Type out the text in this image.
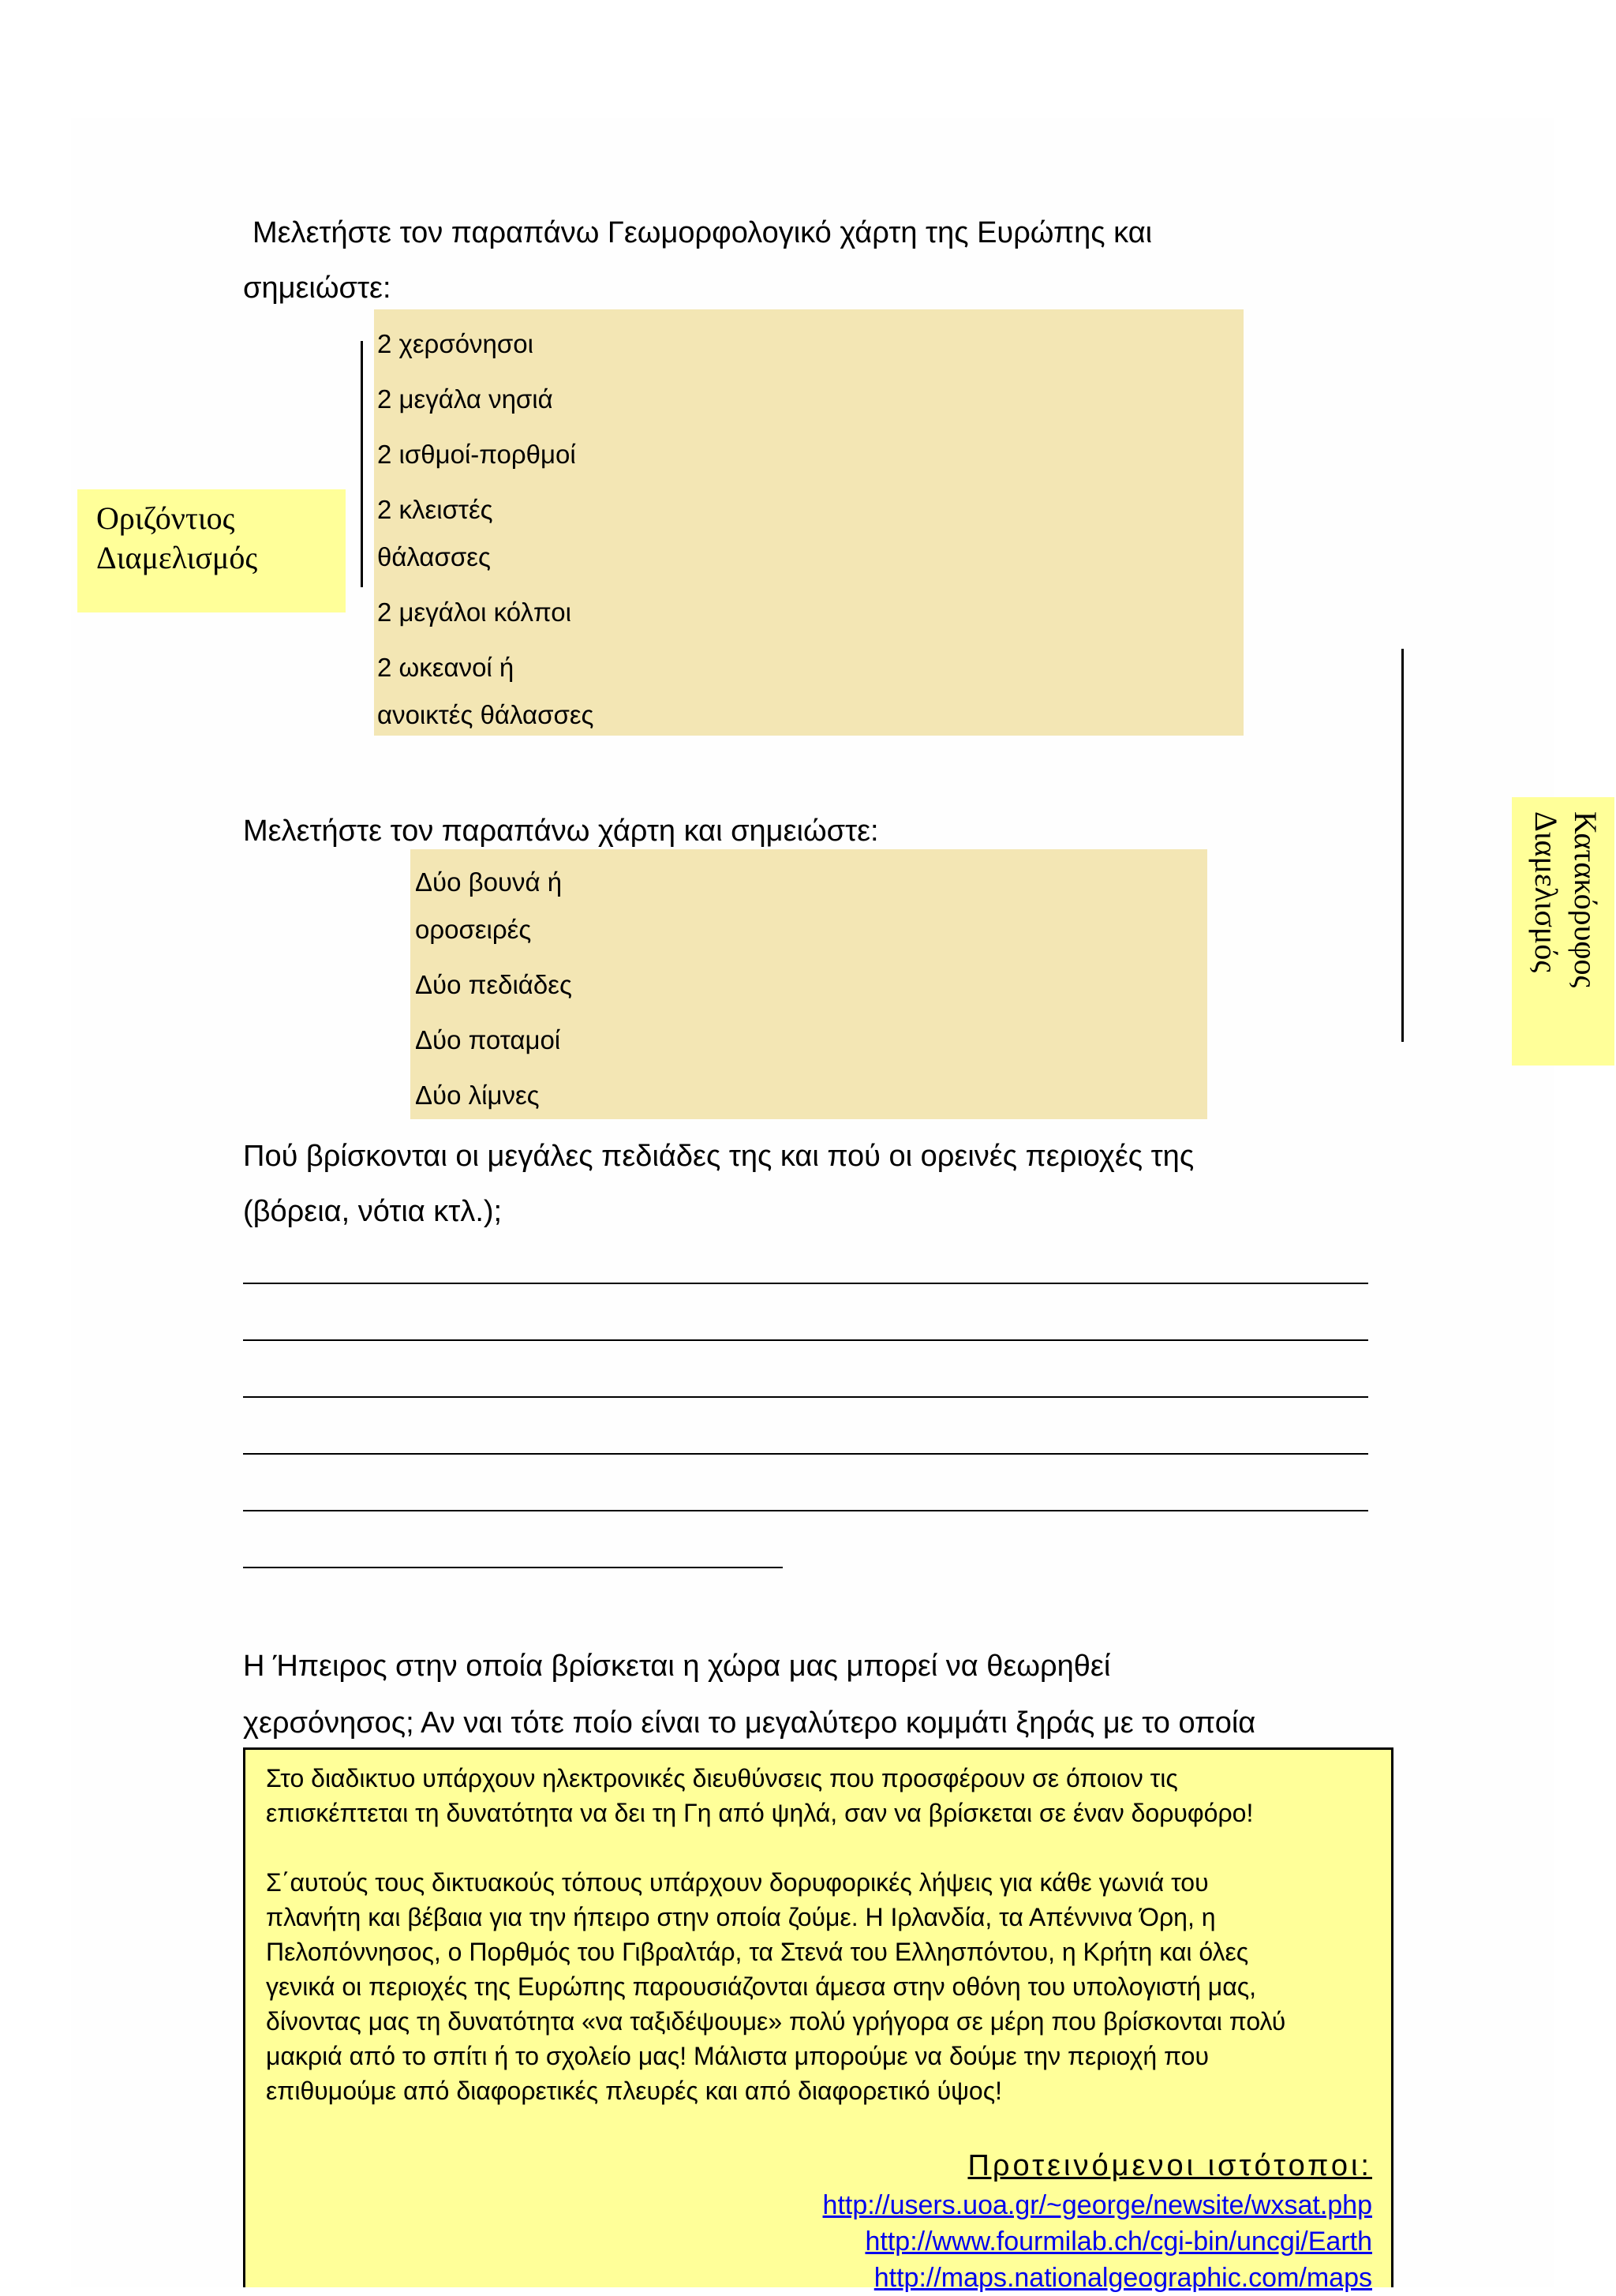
Μελετήστε τον παραπάνω Γεωμορφολογικό χάρτη της Ευρώπης και
σημειώστε:
2 χερσόνησοι
2 μεγάλα νησιά
2 ισθμοί-πορθμοί
2 κλειστές
θάλασσες
2 μεγάλοι κόλποι
2 ωκεανοί ή
ανοικτές θάλασσες
Οριζόντιος
Διαμελισμός
Μελετήστε τον παραπάνω χάρτη και σημειώστε:
Δύο βουνά ή
οροσειρές
Δύο πεδιάδες
Δύο ποταμοί
Δύο λίμνες
Κατακόρυφος
Διαμελισμός
Πού βρίσκονται οι μεγάλες πεδιάδες της και πού οι ορεινές περιοχές της
(βόρεια, νότια κτλ.);
Η Ήπειρος στην οποία βρίσκεται η χώρα μας μπορεί να θεωρηθεί
χερσόνησος; Αν ναι τότε ποίο είναι το μεγαλύτερο κομμάτι ξηράς με το οποία

Στο διαδικτυο υπάρχουν ηλεκτρονικές διευθύνσεις που προσφέρουν σε όποιον τις

επισκέπτεται τη δυνατότητα να δει τη Γη από ψηλά, σαν να βρίσκεται σε έναν δορυφόρο!

Σ΄αυτούς τους δικτυακούς τόπους υπάρχουν δορυφορικές λήψεις για κάθε γωνιά του

πλανήτη και βέβαια για την ήπειρο στην οποία ζούμε. Η Ιρλανδία, τα Απέννινα Όρη, η

Πελοπόννησος, ο Πορθμός του Γιβραλτάρ, τα Στενά του Ελλησπόντου, η Κρήτη και όλες

γενικά οι περιοχές της Ευρώπης παρουσιάζονται άμεσα στην οθόνη του υπολογιστή μας,

δίνοντας μας τη δυνατότητα «να ταξιδέψουμε» πολύ γρήγορα σε μέρη που βρίσκονται πολύ

μακριά από το σπίτι ή το σχολείο μας! Μάλιστα μπορούμε να δούμε την περιοχή που

επιθυμούμε από διαφορετικές πλευρές και από διαφορετικό ύψος!

Προτεινόμενοι ιστότοποι:
http://users.uoa.gr/~george/newsite/wxsat.php
http://www.fourmilab.ch/cgi-bin/uncgi/Earth
http://maps.nationalgeographic.com/maps
